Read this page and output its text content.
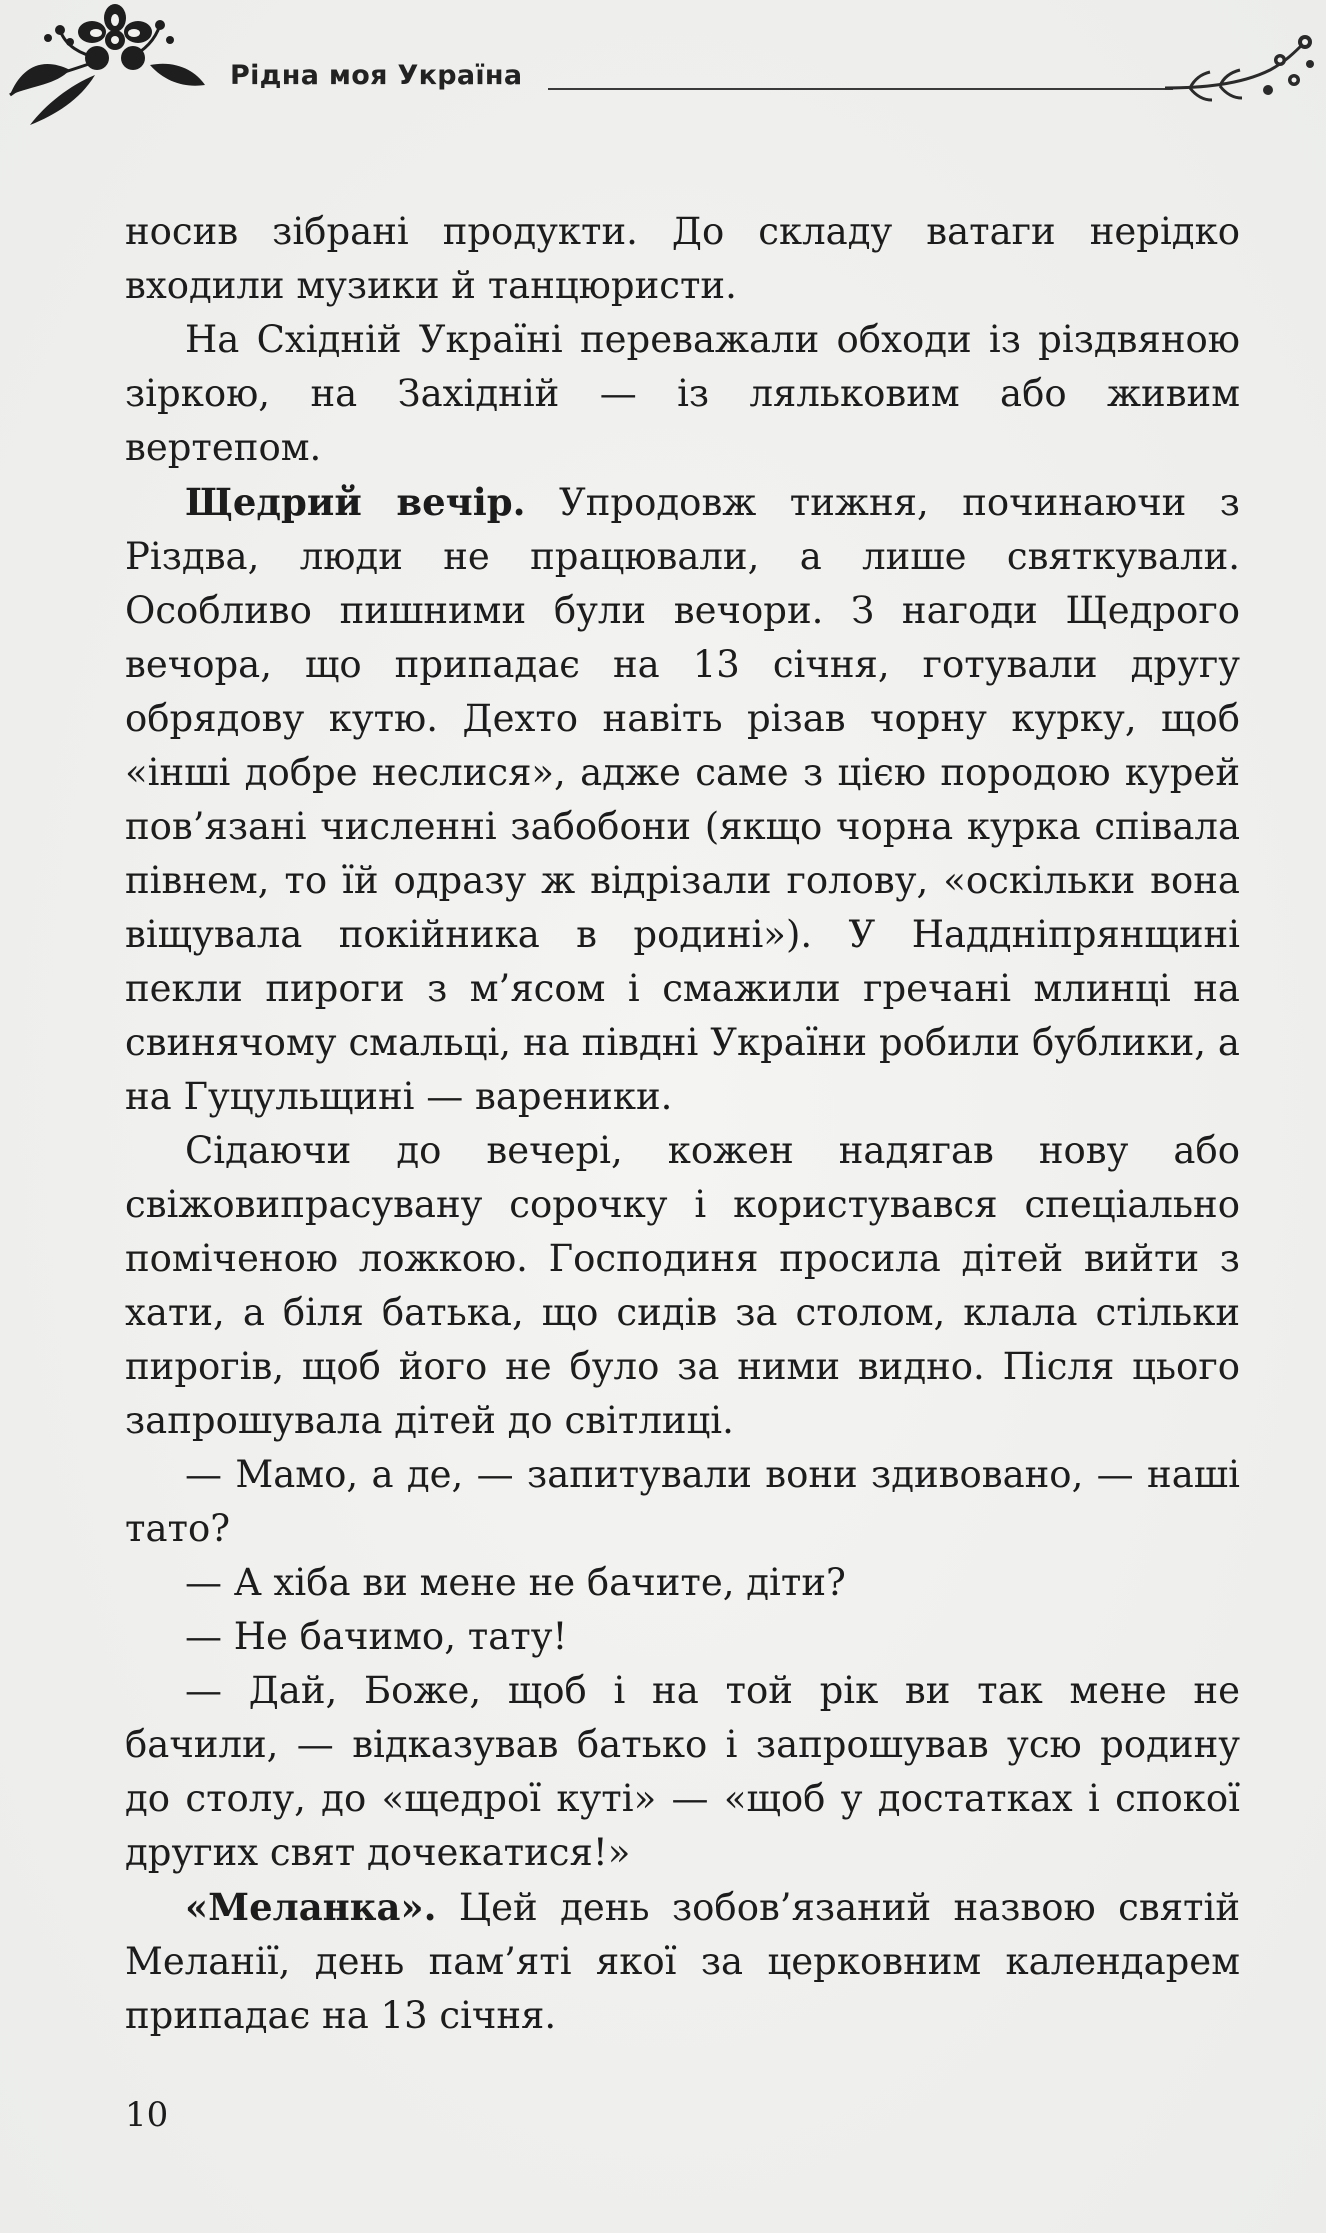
Рідна моя Україна

носив зібрані продукти. До складу ватаги нерідко входили музики й танцюристи.

На Східній Україні переважали обходи із різдвяною зіркою, на Західній — із ляльковим або живим вертепом.

Щедрий вечір. Упродовж тижня, починаючи з Різдва, люди не працювали, а лише святкували. Особливо пишними були вечори. З нагоди Щедрого вечора, що припадає на 13 січня, готували другу обрядову кутю. Дехто навіть різав чорну курку, щоб «інші добре неслися», адже саме з цією породою курей пов’язані численні забобони (якщо чорна курка співала півнем, то їй одразу ж відрізали голову, «оскільки вона віщувала покійника в родині»). У Наддніпрянщині пекли пироги з м’ясом і смажили гречані млинці на свинячому смальці, на півдні України робили бублики, а на Гуцульщині — вареники.

Сідаючи до вечері, кожен надягав нову або свіжовипрасувану сорочку і користувався спеціально поміченою ложкою. Господиня просила дітей вийти з хати, а біля батька, що сидів за столом, клала стільки пирогів, щоб його не було за ними видно. Після цього запрошувала дітей до світлиці.

— Мамо, а де, — запитували вони здивовано, — наші тато?

— А хіба ви мене не бачите, діти?

— Не бачимо, тату!

— Дай, Боже, щоб і на той рік ви так мене не бачили, — відказував батько і запрошував усю родину до столу, до «щедрої куті» — «щоб у достатках і спокої других свят дочекатися!»

«Меланка». Цей день зобов’язаний назвою святій Меланії, день пам’яті якої за церковним календарем припадає на 13 січня.

10
